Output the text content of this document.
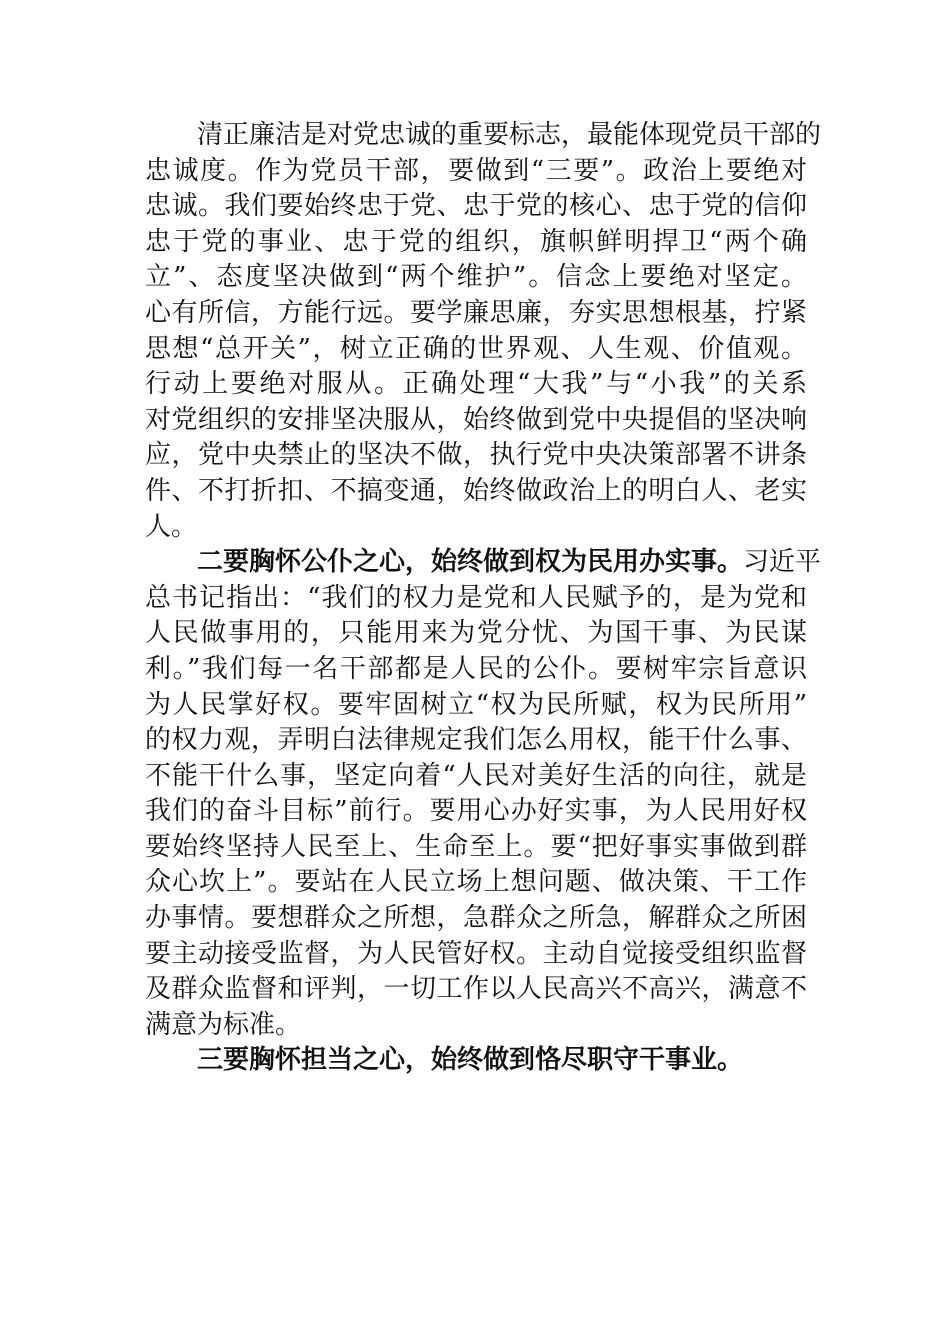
清正廉洁是对党忠诚的重要标志，最能体现党员干部的
忠诚度。作为党员干部，要做到“三要”。政治上要绝对
忠诚。我们要始终忠于党、忠于党的核心、忠于党的信仰
忠于党的事业、忠于党的组织，旗帜鲜明捍卫“两个确
立”、态度坚决做到“两个维护”。信念上要绝对坚定。
心有所信，方能行远。要学廉思廉，夯实思想根基，拧紧
思想“总开关”，树立正确的世界观、人生观、价值观。
行动上要绝对服从。正确处理“大我”与“小我”的关系
对党组织的安排坚决服从，始终做到党中央提倡的坚决响
应，党中央禁止的坚决不做，执行党中央决策部署不讲条
件、不打折扣、不搞变通，始终做政治上的明白人、老实
人。
二要胸怀公仆之心，始终做到权为民用办实事。习近平
总书记指出：“我们的权力是党和人民赋予的，是为党和
人民做事用的，只能用来为党分忧、为国干事、为民谋
利。”我们每一名干部都是人民的公仆。要树牢宗旨意识
为人民掌好权。要牢固树立“权为民所赋，权为民所用”
的权力观，弄明白法律规定我们怎么用权，能干什么事、
不能干什么事，坚定向着“人民对美好生活的向往，就是
我们的奋斗目标”前行。要用心办好实事，为人民用好权
要始终坚持人民至上、生命至上。要“把好事实事做到群
众心坎上”。要站在人民立场上想问题、做决策、干工作
办事情。要想群众之所想，急群众之所急，解群众之所困
要主动接受监督，为人民管好权。主动自觉接受组织监督
及群众监督和评判，一切工作以人民高兴不高兴，满意不
满意为标准。
三要胸怀担当之心，始终做到恪尽职守干事业。
